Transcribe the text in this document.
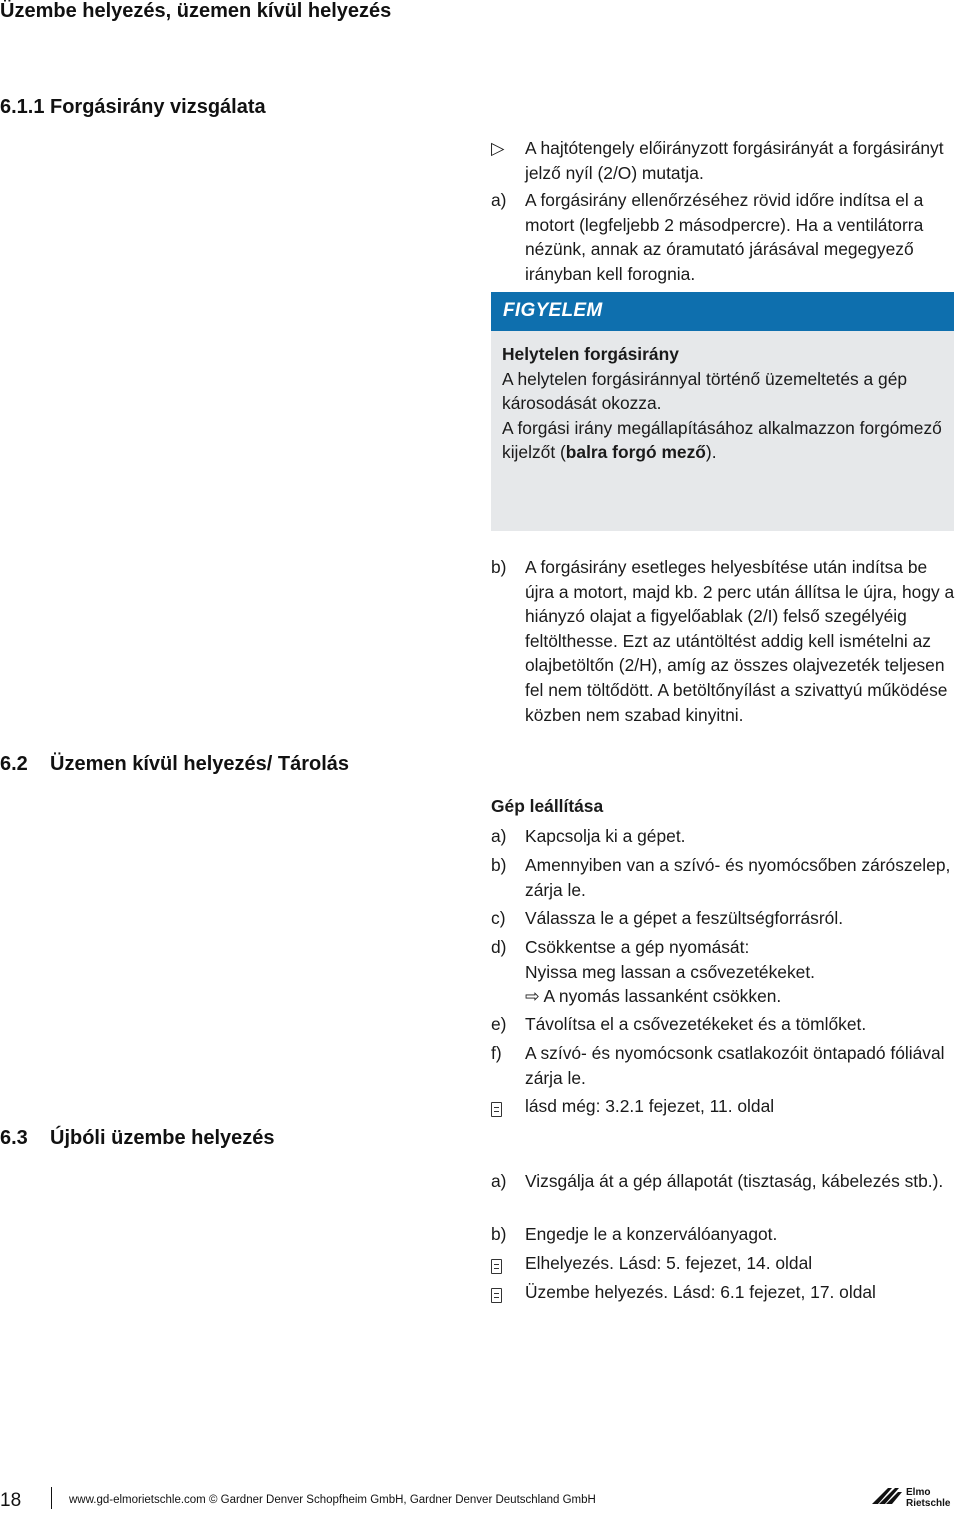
Üzembe helyezés, üzemen kívül helyezés
6.1.1 Forgásirány vizsgálata
▷	A hajtótengely előirányzott forgásirányát a forgásirányt jelző nyíl (2/O) mutatja.
a)	A forgásirány ellenőrzéséhez rövid időre indítsa el a motort (legfeljebb 2 másodpercre). Ha a ventilátorra nézünk, annak az óramutató járásával megegyező irányban kell forognia.
FIGYELEM
Helytelen forgásirány
A helytelen forgásiránnyal történő üzemeltetés a gép károsodását okozza.
A forgási irány megállapításához alkalmazzon forgómező kijelzőt (balra forgó mező).
b)	A forgásirány esetleges helyesbítése után indítsa be újra a motort, majd kb. 2 perc után állítsa le újra, hogy a hiányzó olajat a figyelőablak (2/I) felső szegélyéig feltölthesse. Ezt az utántöltést addig kell ismételni az olajbetöltőn (2/H), amíg az összes olajvezeték teljesen fel nem töltődött. A betöltőnyílást a szivattyú működése közben nem szabad kinyitni.
6.2 Üzemen kívül helyezés/ Tárolás
Gép leállítása
a)	Kapcsolja ki a gépet.
b)	Amennyiben van a szívó- és nyomócsőben zárószelep, zárja le.
c)	Válassza le a gépet a feszültségforrásról.
d)	Csökkentse a gép nyomását:
Nyissa meg lassan a csővezetékeket.
⇨ A nyomás lassanként csökken.
e)	Távolítsa el a csővezetékeket és a tömlőket.
f)	A szívó- és nyomócsonk csatlakozóit öntapadó fóliával zárja le.
lásd még: 3.2.1 fejezet, 11. oldal
6.3 Újbóli üzembe helyezés
a)	Vizsgálja át a gép állapotát (tisztaság, kábelezés stb.).
b)	Engedje le a konzerválóanyagot.
Elhelyezés. Lásd: 5. fejezet, 14. oldal
Üzembe helyezés. Lásd: 6.1 fejezet, 17. oldal
18	www.gd-elmorietschle.com © Gardner Denver Schopfheim GmbH, Gardner Denver Deutschland GmbH
Elmo
Rietschle
